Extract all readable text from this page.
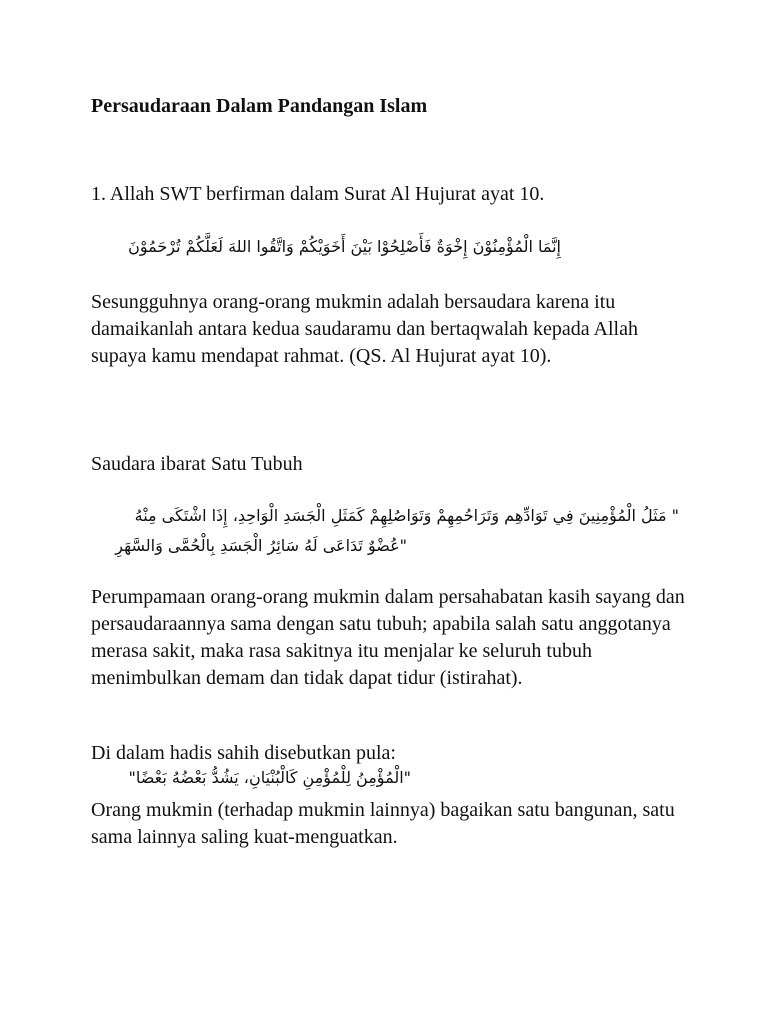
Persaudaraan Dalam Pandangan Islam
1. Allah SWT berfirman dalam Surat Al Hujurat ayat 10.
إِنَّمَا الْمُؤْمِنُوْنَ إِخْوَةٌ فَأَصْلِحُوْا بَيْنَ أَخَوَيْكُمْ وَاتَّقُوا اللهَ لَعَلَّكُمْ تُرْحَمُوْنَ
Sesungguhnya orang-orang mukmin adalah bersaudara karena itu damaikanlah antara kedua saudaramu dan bertaqwalah kepada Allah supaya kamu mendapat rahmat. (QS. Al Hujurat ayat 10).
Saudara ibarat Satu Tubuh
" مَثَلُ الْمُؤْمِنِينَ فِي تَوَادِّهِم وَتَرَاحُمِهِمْ وَتَوَاصُلِهِمْ كَمَثَلِ الْجَسَدِ الْوَاحِدِ، إِذَا اشْتَكَى مِنْهُ
"عُضْوٌ تَدَاعَى لَهُ سَائِرُ الْجَسَدِ بِالْحُمَّى وَالسَّهَرِ
Perumpamaan orang-orang mukmin dalam persahabatan kasih sayang dan persaudaraannya sama dengan satu tubuh; apabila salah satu anggotanya merasa sakit, maka rasa sakitnya itu menjalar ke seluruh tubuh menimbulkan demam dan tidak dapat tidur (istirahat).
Di dalam hadis sahih disebutkan pula:
"الْمُؤْمِنُ لِلْمُؤْمِنِ كَالْبُنْيَانِ، يَشُدُّ بَعْضُهُ بَعْضًا"
Orang mukmin (terhadap mukmin lainnya) bagaikan satu bangunan, satu sama lainnya saling kuat-menguatkan.
